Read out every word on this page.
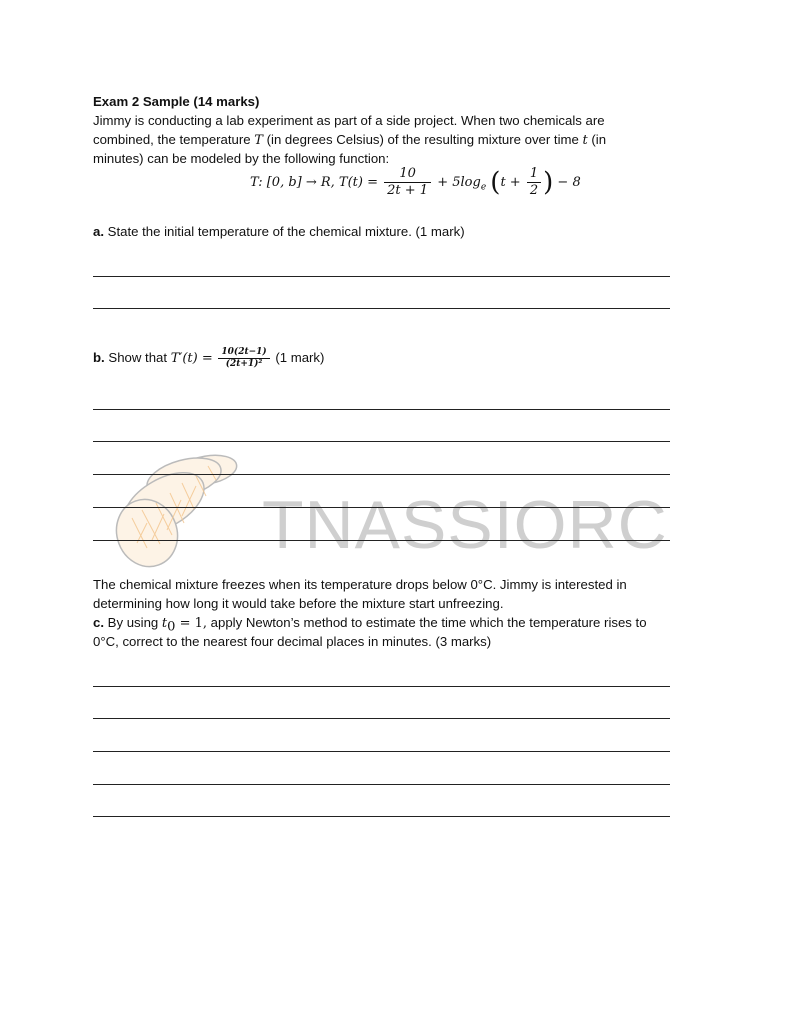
TNASSIORC
Exam 2 Sample (14 marks)
Jimmy is conducting a lab experiment as part of a side project. When two chemicals are
combined, the temperature T (in degrees Celsius) of the resulting mixture over time t (in
minutes) can be modeled by the following function:
T: [0, b] → R, $T(t) = \frac{10}{2t + 1} + 5\log_e$ ($t + \frac{1}{2}$ ) − 8
a. State the initial temperature of the chemical mixture. (1 mark)
b. Show that $T'(t) = \frac{10(2t-1)}{\text{(2t+1)²}} (1$ mark)
The chemical mixture freezes when its temperature drops below 0°C. Jimmy is interested in
determining how long it would take before the mixture start unfreezing.
c. By using $t_0 = 1$, apply Newton’s method to estimate the time which the temperature rises to
0°C, correct to the nearest four decimal places in minutes. (3 marks)
